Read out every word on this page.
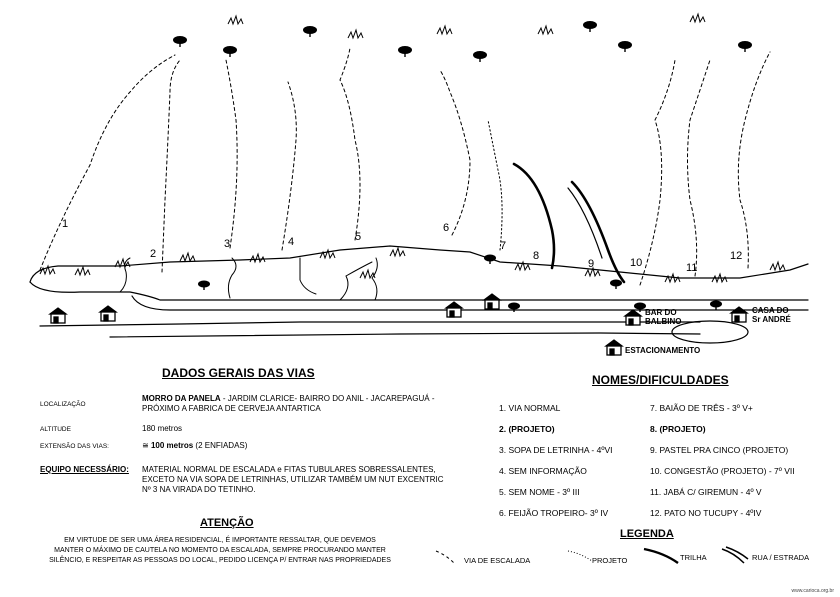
1
2
3	4	5
6
7
8
9	10	11
12
BAR DO
BALBINO
CASA DO
Sr ANDRÉ
ESTACIONAMENTO
DADOS GERAIS DAS VIAS
LOCALIZAÇÃO
MORRO DA PANELA - JARDIM CLARICE- BAIRRO DO ANIL - JACAREPAGUÁ -
PRÓXIMO A FABRICA DE CERVEJA ANTARTICA
ALTITUDE	180 metros
EXTENSÃO DAS VIAS:	≅ 100 metros (2 ENFIADAS)
EQUIPO NECESSÁRIO: MATERIAL NORMAL DE ESCALADA e FITAS TUBULARES SOBRESSALENTES,
EXCETO NA VIA SOPA DE LETRINHAS, UTILIZAR TAMBÉM UM NUT EXCENTRIC
Nº 3 NA VIRADA DO TETINHO.
ATENÇÃO
EM VIRTUDE DE SER UMA ÁREA RESIDENCIAL, É IMPORTANTE RESSALTAR, QUE DEVEMOS
MANTER O MÁXIMO DE CAUTELA NO MOMENTO DA ESCALADA, SEMPRE PROCURANDO MANTER
SILÊNCIO, E RESPEITAR AS PESSOAS DO LOCAL, PEDIDO LICENÇA P/ ENTRAR NAS PROPRIEDADES
NOMES/DIFICULDADES
1. VIA NORMAL
2. (PROJETO)
3. SOPA DE LETRINHA - 4ºVI
4. SEM INFORMAÇÃO
5. SEM NOME - 3º III
6. FEIJÃO TROPEIRO- 3º IV
7. BAIÃO DE TRÊS - 3º V+
8. (PROJETO)
9. PASTEL PRA CINCO (PROJETO)
10. CONGESTÃO (PROJETO) - 7º VII
11. JABÁ C/ GIREMUN - 4º V
12. PATO NO TUCUPY - 4ºIV
LEGENDA
VIA DE ESCALADA	PROJETO	TRILHA	RUA / ESTRADA
www.carioca.org.br
